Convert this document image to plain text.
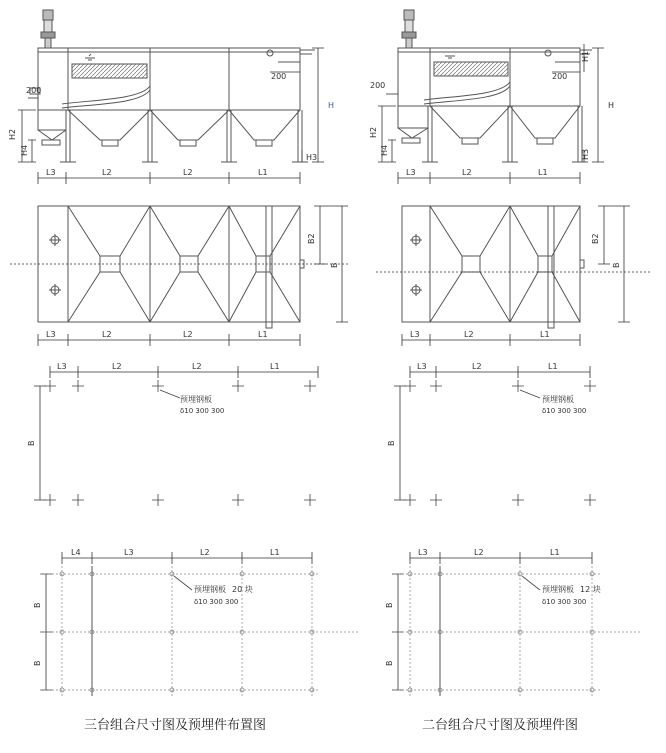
L3	L2	L2	L1
H
H2
H4
H3
200
200
L3	L2	L2	L1
B2
B
L3	L2	L2	L1
B
预埋钢板
δ10 300 300
L4	L3	L2	L1
B
B
预埋钢板 20 块
δ10 300 300
L3	L2	L1
H
H2
H4
H1
H3
200
200
L3	L2	L1
B2
B
L3	L2	L1
B
预埋钢板
δ10 300 300
L3	L2	L1
B
B
预埋钢板 12 块
δ10 300 300
三台组合尺寸图及预埋件布置图	二台组合尺寸图及预埋件图
